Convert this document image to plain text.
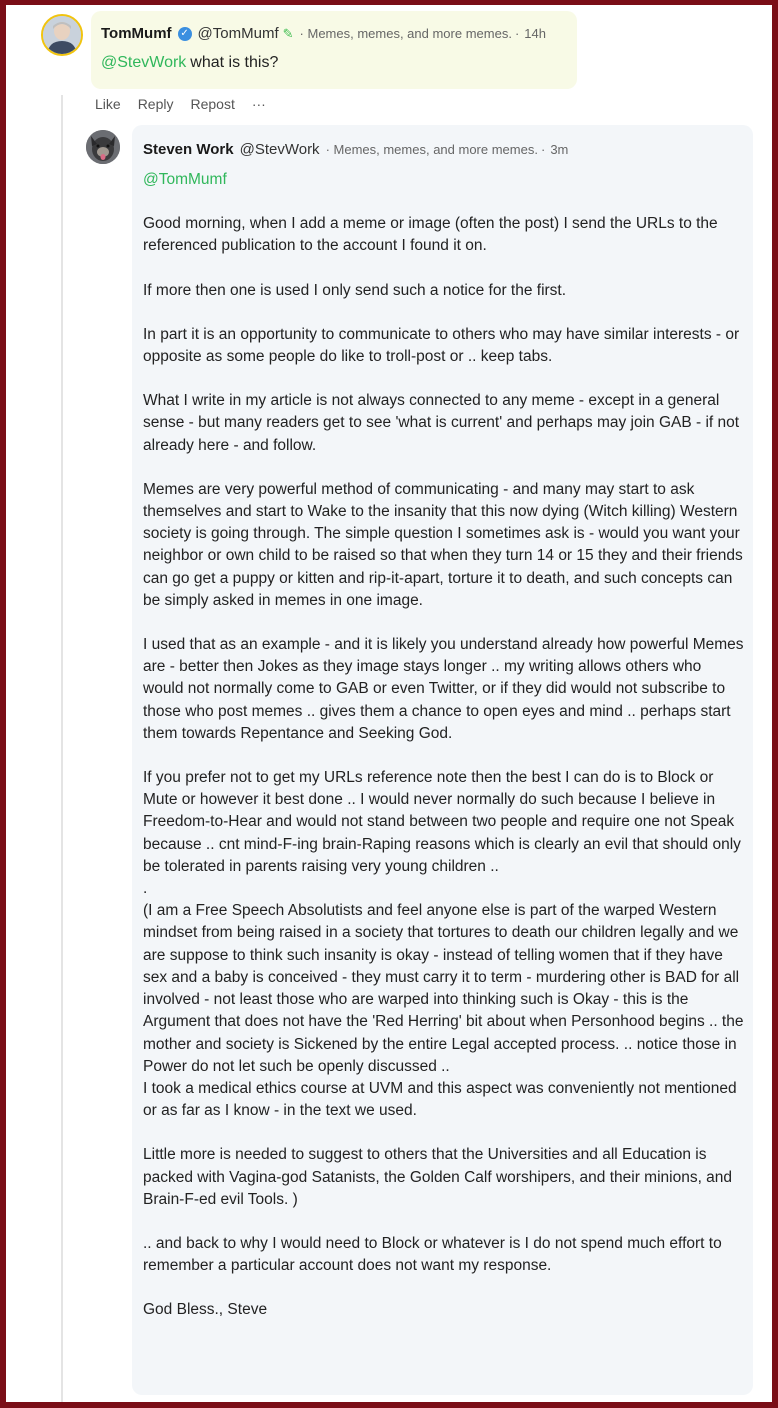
TomMumf ✓ @TomMumf ✎ · Memes, memes, and more memes. · 14h
@StevWork what is this?
Like Reply Repost ···
Steven Work @StevWork · Memes, memes, and more memes. · 3m

@TomMumf

Good morning, when I add a meme or image (often the post) I send the URLs to the referenced publication to the account I found it on.

If more then one is used I only send such a notice for the first.

In part it is an opportunity to communicate to others who may have similar interests - or opposite as some people do like to troll-post or .. keep tabs.

What I write in my article is not always connected to any meme - except in a general sense - but many readers get to see 'what is current' and perhaps may join GAB - if not already here - and follow.

Memes are very powerful method of communicating - and many may start to ask themselves and start to Wake to the insanity that this now dying (Witch killing) Western society is going through. The simple question I sometimes ask is - would you want your neighbor or own child to be raised so that when they turn 14 or 15 they and their friends can go get a puppy or kitten and rip-it-apart, torture it to death, and such concepts can be simply asked in memes in one image.

I used that as an example - and it is likely you understand already how powerful Memes are - better then Jokes as they image stays longer .. my writing allows others who would not normally come to GAB or even Twitter, or if they did would not subscribe to those who post memes .. gives them a chance to open eyes and mind .. perhaps start them towards Repentance and Seeking God.

If you prefer not to get my URLs reference note then the best I can do is to Block or Mute or however it best done .. I would never normally do such because I believe in Freedom-to-Hear and would not stand between two people and require one not Speak because .. cnt mind-F-ing brain-Raping reasons which is clearly an evil that should only be tolerated in parents raising very young children ..
.
(I am a Free Speech Absolutists and feel anyone else is part of the warped Western mindset from being raised in a society that tortures to death our children legally and we are suppose to think such insanity is okay - instead of telling women that if they have sex and a baby is conceived - they must carry it to term - murdering other is BAD for all involved - not least those who are warped into thinking such is Okay - this is the Argument that does not have the 'Red Herring' bit about when Personhood begins .. the mother and society is Sickened by the entire Legal accepted process. .. notice those in Power do not let such be openly discussed ..
I took a medical ethics course at UVM and this aspect was conveniently not mentioned or as far as I know - in the text we used.

Little more is needed to suggest to others that the Universities and all Education is packed with Vagina-god Satanists, the Golden Calf worshipers, and their minions, and Brain-F-ed evil Tools. )

.. and back to why I would need to Block or whatever is I do not spend much effort to remember a particular account does not want my response.

God Bless., Steve
